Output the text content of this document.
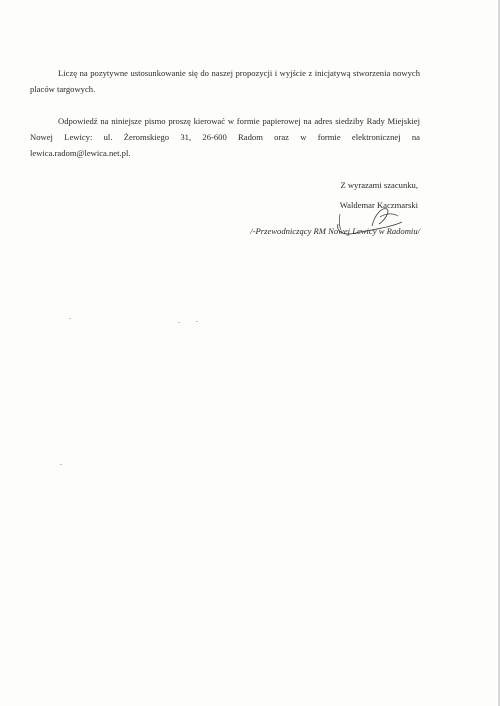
Liczę na pozytywne ustosunkowanie się do naszej propozycji i wyjście z inicjatywą stworzenia nowych placów targowych.

Odpowiedź na niniejsze pismo proszę kierować w formie papierowej na adres siedziby Rady Miejskiej Nowej Lewicy: ul. Żeromskiego 31, 26-600 Radom oraz w formie elektronicznej na lewica.radom@lewica.net.pl.

Z wyrazami szacunku,
Waldemar Kaczmarski
/-Przewodniczący RM Nowej Lewicy w Radomiu/
